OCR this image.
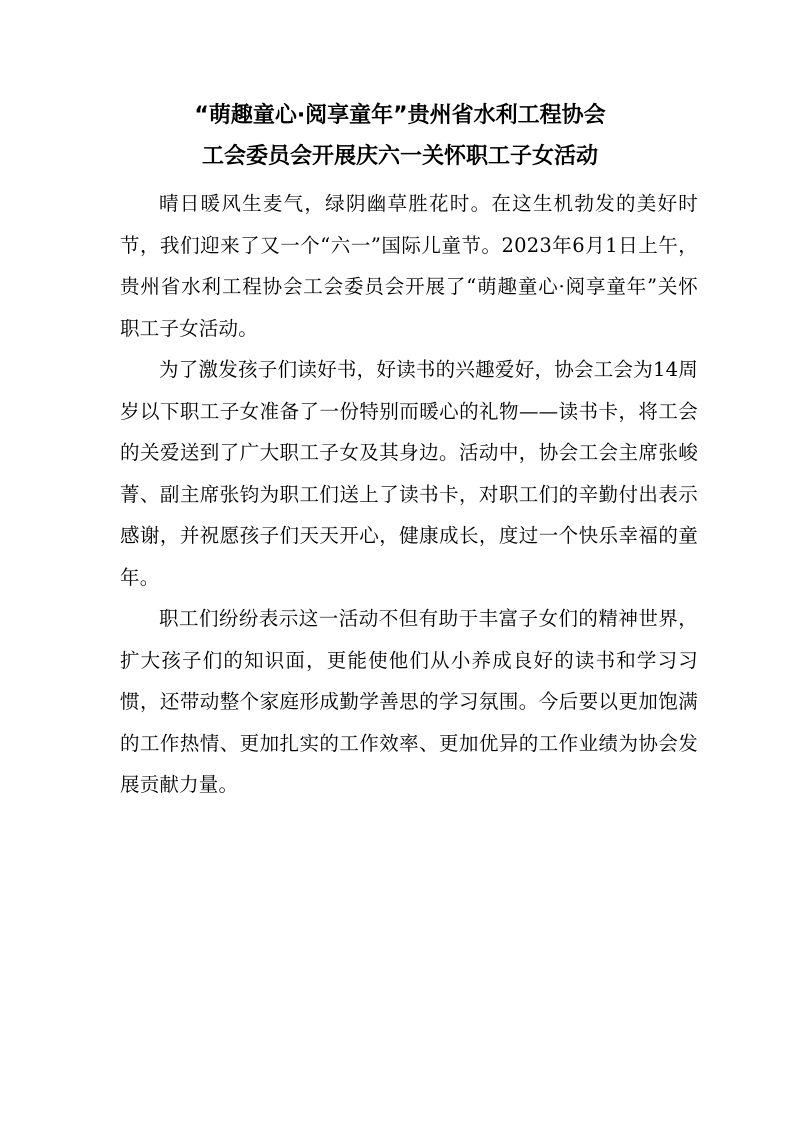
“萌趣童心·阅享童年”贵州省水利工程协会
工会委员会开展庆六一关怀职工子女活动

晴日暖风生麦气，绿阴幽草胜花时。在这生机勃发的美好时节，我们迎来了又一个“六一”国际儿童节。2023年6月1日上午，贵州省水利工程协会工会委员会开展了“萌趣童心·阅享童年”关怀职工子女活动。

为了激发孩子们读好书，好读书的兴趣爱好，协会工会为14周岁以下职工子女准备了一份特别而暖心的礼物——读书卡，将工会的关爱送到了广大职工子女及其身边。活动中，协会工会主席张峻菁、副主席张钧为职工们送上了读书卡，对职工们的辛勤付出表示感谢，并祝愿孩子们天天开心，健康成长，度过一个快乐幸福的童年。

职工们纷纷表示这一活动不但有助于丰富子女们的精神世界，扩大孩子们的知识面，更能使他们从小养成良好的读书和学习习惯，还带动整个家庭形成勤学善思的学习氛围。今后要以更加饱满的工作热情、更加扎实的工作效率、更加优异的工作业绩为协会发展贡献力量。
